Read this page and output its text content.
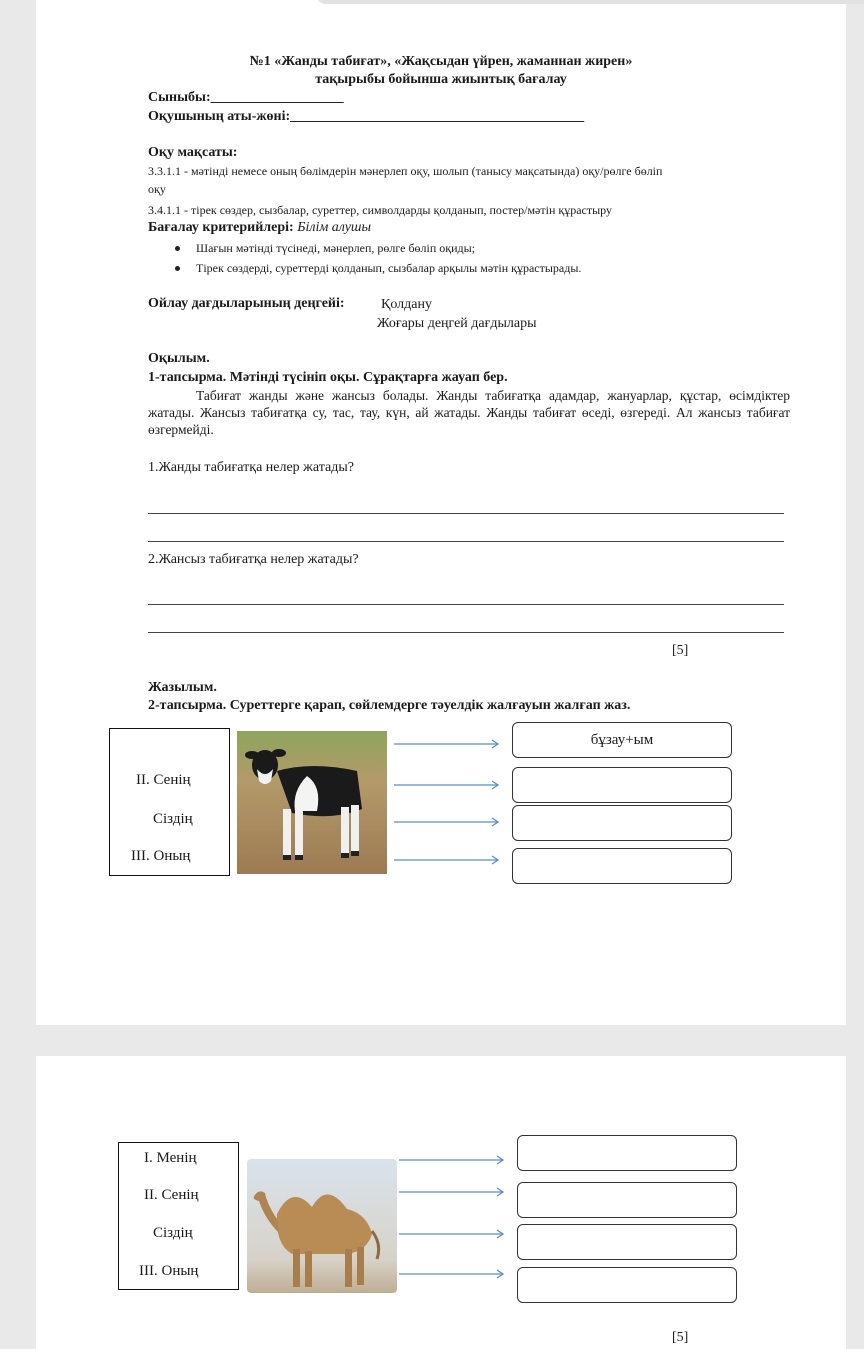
№1 «Жанды табиғат», «Жақсыдан үйрен, жаманнан жирен»
тақырыбы бойынша жиынтық бағалау
Сыныбы:___________________
Оқушының аты-жөні:__________________________________________
Оқу мақсаты:
3.3.1.1 - мәтінді немесе оның бөлімдерін мәнерлеп оқу, шолып (танысу мақсатында) оқу/рөлге бөліп
оқу
3.4.1.1 - тірек сөздер, сызбалар, суреттер, символдарды қолданып, постер/мәтін құрастыру
Бағалау критерийлері: Білім алушы
Шағын мәтінді түсінеді, мәнерлеп, рөлге бөліп оқиды;
Тірек сөздерді, суреттерді қолданып, сызбалар арқылы мәтін құрастырады.
Ойлау дағдыларының деңгейі:	Қолдану
Жоғары деңгей дағдылары
Оқылым.
1-тапсырма. Мәтінді түсініп оқы. Сұрақтарға жауап бер.
Табиғат жанды және жансыз болады. Жанды табиғатқа адамдар, жануарлар, құстар, өсімдіктер жатады. Жансыз табиғатқа су, тас, тау, күн, ай жатады. Жанды табиғат өседі, өзгереді. Ал жансыз табиғат өзгермейді.
1.Жанды табиғатқа нелер жатады?
2.Жансыз табиғатқа нелер жатады?
[5]
Жазылым.
2-тапсырма. Суреттерге қарап, сөйлемдерге тәуелдік жалғауын жалғап жаз.
II. Сенің
Сіздің
III. Оның
бұзау+ым
I. Менің
II. Сенің
Сіздің
III. Оның
[5]
